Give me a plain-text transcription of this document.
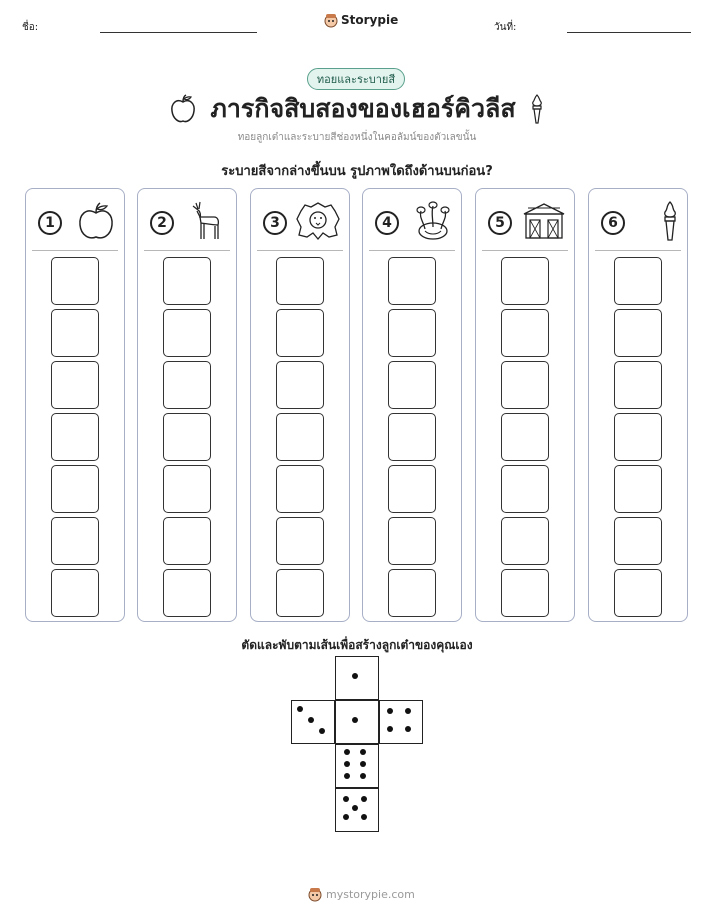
ชื่อ:
Storypie
วันที่:
ทอยและระบายสี
ภารกิจสิบสองของเฮอร์คิวลีส
ทอยลูกเต๋าและระบายสีช่องหนึ่งในคอลัมน์ของตัวเลขนั้น
ระบายสีจากล่างขึ้นบน รูปภาพใดถึงด้านบนก่อน?
1	2	3	4	5	6
ตัดและพับตามเส้นเพื่อสร้างลูกเต๋าของคุณเอง
mystorypie.com
